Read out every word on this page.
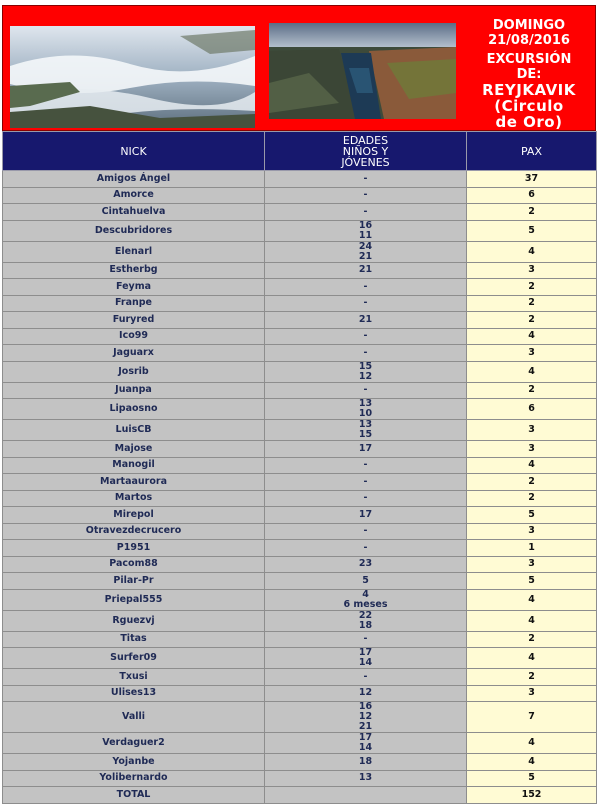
DOMINGO
21/08/2016
EXCURSIÓN
DE:
REYJKAVIK
(Circulo
de Oro)
NICK	EDADES
NIÑOS Y
JÓVENES	PAX
Amigos Ángel	-	37
Amorce	-	6
Cintahuelva	-	2
Descubridores	16
11	5
Elenarl	24
21	4
Estherbg	21	3
Feyma	-	2
Franpe	-	2
Furyred	21	2
Ico99	-	4
Jaguarx	-	3
Josrib	15
12	4
Juanpa	-	2
Lipaosno	13
10	6
LuisCB	13
15	3
Majose	17	3
Manogil	-	4
Martaaurora	-	2
Martos	-	2
Mirepol	17	5
Otravezdecrucero	-	3
P1951	-	1
Pacom88	23	3
Pilar-Pr	5	5
Priepal555	4
6 meses	4
Rguezvj	22
18	4
Titas	-	2
Surfer09	17
14	4
Txusi	-	2
Ulises13	12	3
Valli	16
12
21	7
Verdaguer2	17
14	4
Yojanbe	18	4
Yolibernardo	13	5
TOTAL		152
